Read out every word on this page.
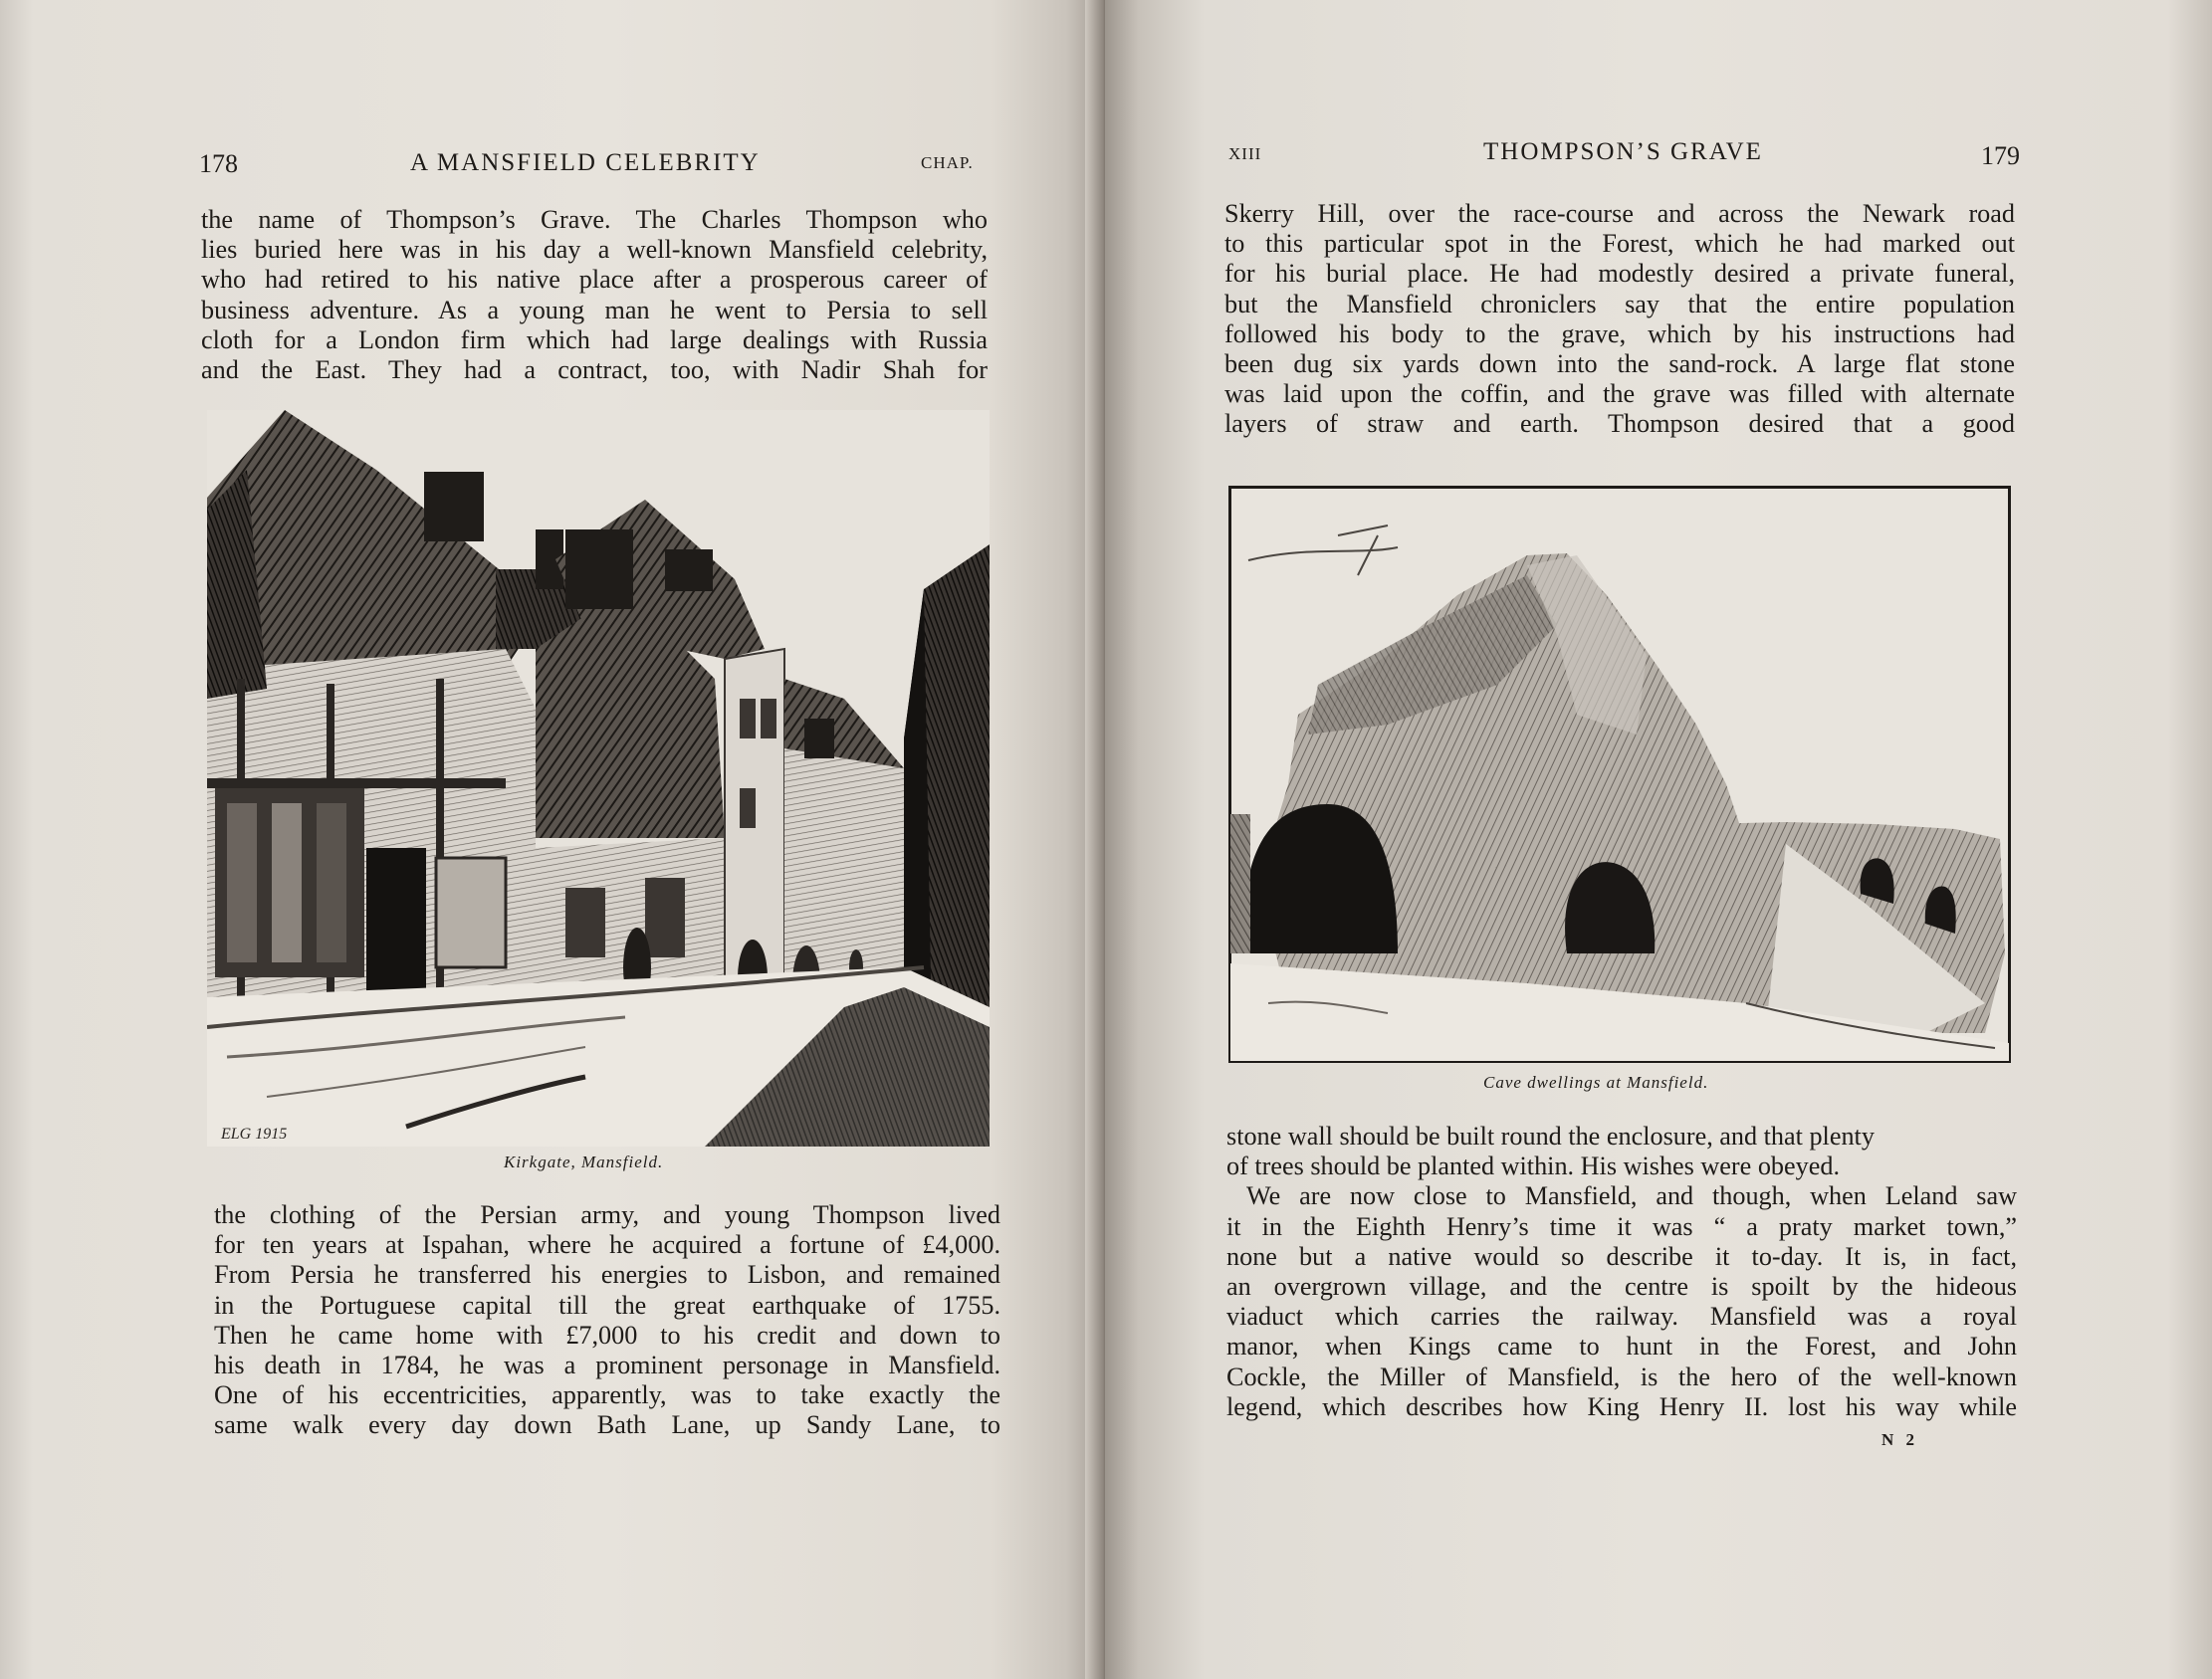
178	A MANSFIELD CELEBRITY	CHAP.
the name of Thompson’s Grave. The Charles Thompson who
lies buried here was in his day a well-known Mansfield celebrity,
who had retired to his native place after a prosperous career of
business adventure. As a young man he went to Persia to sell
cloth for a London firm which had large dealings with Russia
and the East. They had a contract, too, with Nadir Shah for
ELG 1915
Kirkgate, Mansfield.
the clothing of the Persian army, and young Thompson lived
for ten years at Ispahan, where he acquired a fortune of £4,000.
From Persia he transferred his energies to Lisbon, and remained
in the Portuguese capital till the great earthquake of 1755.
Then he came home with £7,000 to his credit and down to
his death in 1784, he was a prominent personage in Mansfield.
One of his eccentricities, apparently, was to take exactly the
same walk every day down Bath Lane, up Sandy Lane, to
XIII	THOMPSON’S GRAVE	179
Skerry Hill, over the race-course and across the Newark road
to this particular spot in the Forest, which he had marked out
for his burial place. He had modestly desired a private funeral,
but the Mansfield chroniclers say that the entire population
followed his body to the grave, which by his instructions had
been dug six yards down into the sand-rock. A large flat stone
was laid upon the coffin, and the grave was filled with alternate
layers of straw and earth. Thompson desired that a good
Cave dwellings at Mansfield.
stone wall should be built round the enclosure, and that plenty
of trees should be planted within. His wishes were obeyed.
We are now close to Mansfield, and though, when Leland saw
it in the Eighth Henry’s time it was “ a praty market town,”
none but a native would so describe it to-day. It is, in fact,
an overgrown village, and the centre is spoilt by the hideous
viaduct which carries the railway. Mansfield was a royal
manor, when Kings came to hunt in the Forest, and John
Cockle, the Miller of Mansfield, is the hero of the well-known
legend, which describes how King Henry II. lost his way while
N 2
